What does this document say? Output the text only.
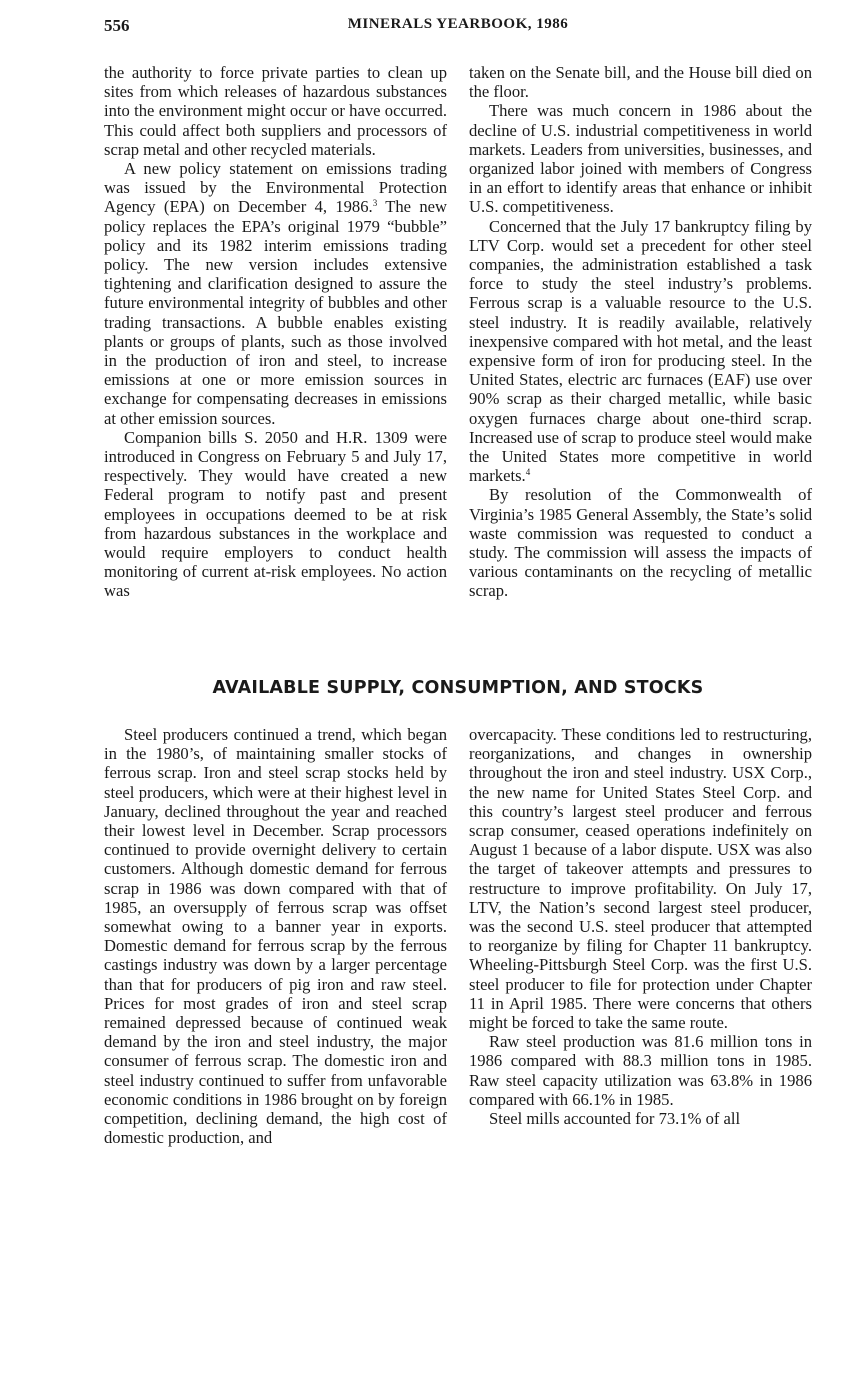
556	MINERALS YEARBOOK, 1986

the authority to force private parties to clean up sites from which releases of hazardous substances into the environment might occur or have occurred. This could affect both suppliers and processors of scrap metal and other recycled materials.

A new policy statement on emissions trading was issued by the Environmental Protection Agency (EPA) on December 4, 1986.$^3$ The new policy replaces the EPA’s original 1979 “bubble” policy and its 1982 interim emissions trading policy. The new version includes extensive tightening and clarification designed to assure the future environmental integrity of bubbles and other trading transactions. A bubble enables existing plants or groups of plants, such as those involved in the production of iron and steel, to increase emissions at one or more emission sources in exchange for compensating decreases in emissions at other emission sources.

Companion bills S. 2050 and H.R. 1309 were introduced in Congress on February 5 and July 17, respectively. They would have created a new Federal program to notify past and present employees in occupations deemed to be at risk from hazardous substances in the workplace and would require employers to conduct health monitoring of current at-risk employees. No action was

taken on the Senate bill, and the House bill died on the floor.

There was much concern in 1986 about the decline of U.S. industrial competitiveness in world markets. Leaders from universities, businesses, and organized labor joined with members of Congress in an effort to identify areas that enhance or inhibit U.S. competitiveness.

Concerned that the July 17 bankruptcy filing by LTV Corp. would set a precedent for other steel companies, the administration established a task force to study the steel industry’s problems. Ferrous scrap is a valuable resource to the U.S. steel industry. It is readily available, relatively inexpensive compared with hot metal, and the least expensive form of iron for producing steel. In the United States, electric arc furnaces (EAF) use over 90% scrap as their charged metallic, while basic oxygen furnaces charge about one-third scrap. Increased use of scrap to produce steel would make the United States more competitive in world markets.$^4$

By resolution of the Commonwealth of Virginia’s 1985 General Assembly, the State’s solid waste commission was requested to conduct a study. The commission will assess the impacts of various contaminants on the recycling of metallic scrap.

AVAILABLE SUPPLY, CONSUMPTION, AND STOCKS

Steel producers continued a trend, which began in the 1980’s, of maintaining smaller stocks of ferrous scrap. Iron and steel scrap stocks held by steel producers, which were at their highest level in January, declined throughout the year and reached their lowest level in December. Scrap processors continued to provide overnight delivery to certain customers. Although domestic demand for ferrous scrap in 1986 was down compared with that of 1985, an oversupply of ferrous scrap was offset somewhat owing to a banner year in exports. Domestic demand for ferrous scrap by the ferrous castings industry was down by a larger percentage than that for producers of pig iron and raw steel. Prices for most grades of iron and steel scrap remained depressed because of continued weak demand by the iron and steel industry, the major consumer of ferrous scrap. The domestic iron and steel industry continued to suffer from unfavorable economic conditions in 1986 brought on by foreign competition, declining demand, the high cost of domestic production, and

overcapacity. These conditions led to restructuring, reorganizations, and changes in ownership throughout the iron and steel industry. USX Corp., the new name for United States Steel Corp. and this country’s largest steel producer and ferrous scrap consumer, ceased operations indefinitely on August 1 because of a labor dispute. USX was also the target of takeover attempts and pressures to restructure to improve profitability. On July 17, LTV, the Nation’s second largest steel producer, was the second U.S. steel producer that attempted to reorganize by filing for Chapter 11 bankruptcy. Wheeling-Pittsburgh Steel Corp. was the first U.S. steel producer to file for protection under Chapter 11 in April 1985. There were concerns that others might be forced to take the same route.

Raw steel production was 81.6 million tons in 1986 compared with 88.3 million tons in 1985. Raw steel capacity utilization was 63.8% in 1986 compared with 66.1% in 1985.

Steel mills accounted for 73.1% of all
